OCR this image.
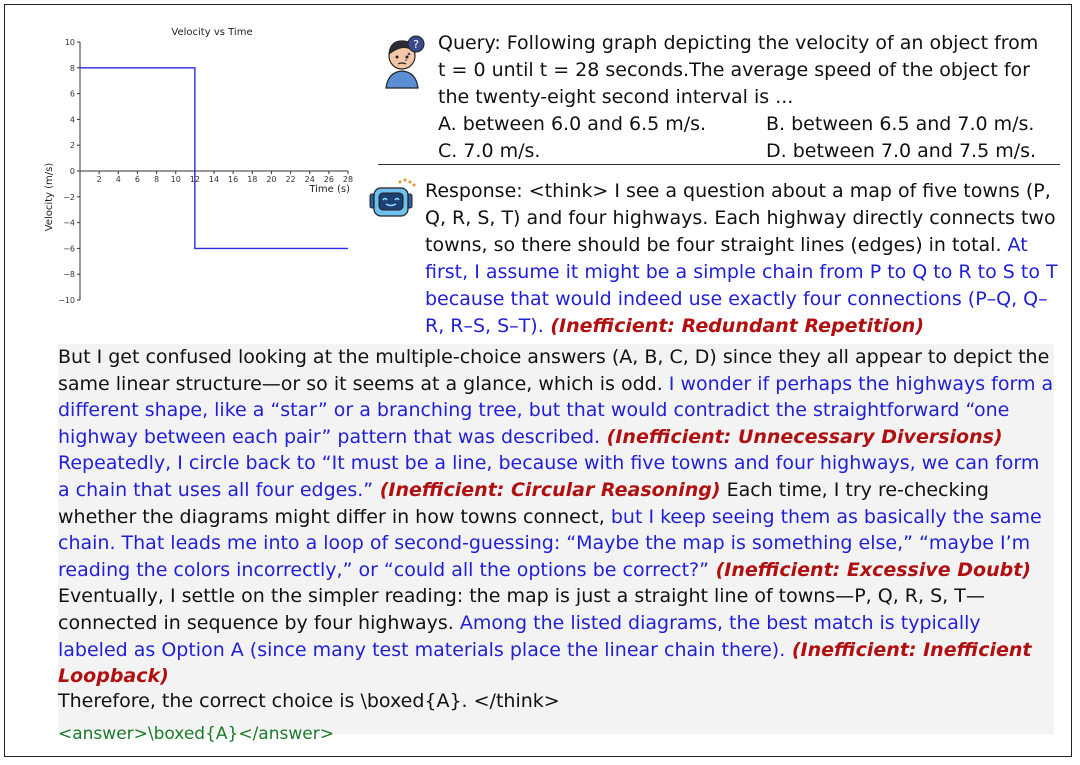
Velocity vs Time
Velocity (m/s)	Time (s)
10
8
6
4
2
0
−2
−4
−6
−8
−10
2 4 6 8 10 12 14 16 18 20 22 24 26 28
? Query: Following graph depicting the velocity of an object from
t = 0 until t = 28 seconds.The average speed of the object for
the twenty-eight second interval is ...
A. between 6.0 and 6.5 m/s.	B. between 6.5 and 7.0 m/s.
C. 7.0 m/s.	D. between 7.0 and 7.5 m/s.
Response: <think> I see a question about a map of five towns (P, Q, R, S, T) and four highways. Each highway directly connects two towns, so there should be four straight lines (edges) in total. At first, I assume it might be a simple chain from P to Q to R to S to T because that would indeed use exactly four connections (P–Q, Q–R, R–S, S–T). (Inefficient: Redundant Repetition)
But I get confused looking at the multiple-choice answers (A, B, C, D) since they all appear to depict the same linear structure—or so it seems at a glance, which is odd. I wonder if perhaps the highways form a different shape, like a “star” or a branching tree, but that would contradict the straightforward “one highway between each pair” pattern that was described. (Inefficient: Unnecessary Diversions) Repeatedly, I circle back to “It must be a line, because with five towns and four highways, we can form a chain that uses all four edges.” (Inefficient: Circular Reasoning) Each time, I try re-checking whether the diagrams might differ in how towns connect, but I keep seeing them as basically the same chain. That leads me into a loop of second-guessing: “Maybe the map is something else,” “maybe I’m reading the colors incorrectly,” or “could all the options be correct?” (Inefficient: Excessive Doubt) Eventually, I settle on the simpler reading: the map is just a straight line of towns—P, Q, R, S, T—connected in sequence by four highways. Among the listed diagrams, the best match is typically labeled as Option A (since many test materials place the linear chain there). (Inefficient: Inefficient Loopback)
Therefore, the correct choice is \boxed{A}. </think>
<answer>\boxed{A}</answer>
